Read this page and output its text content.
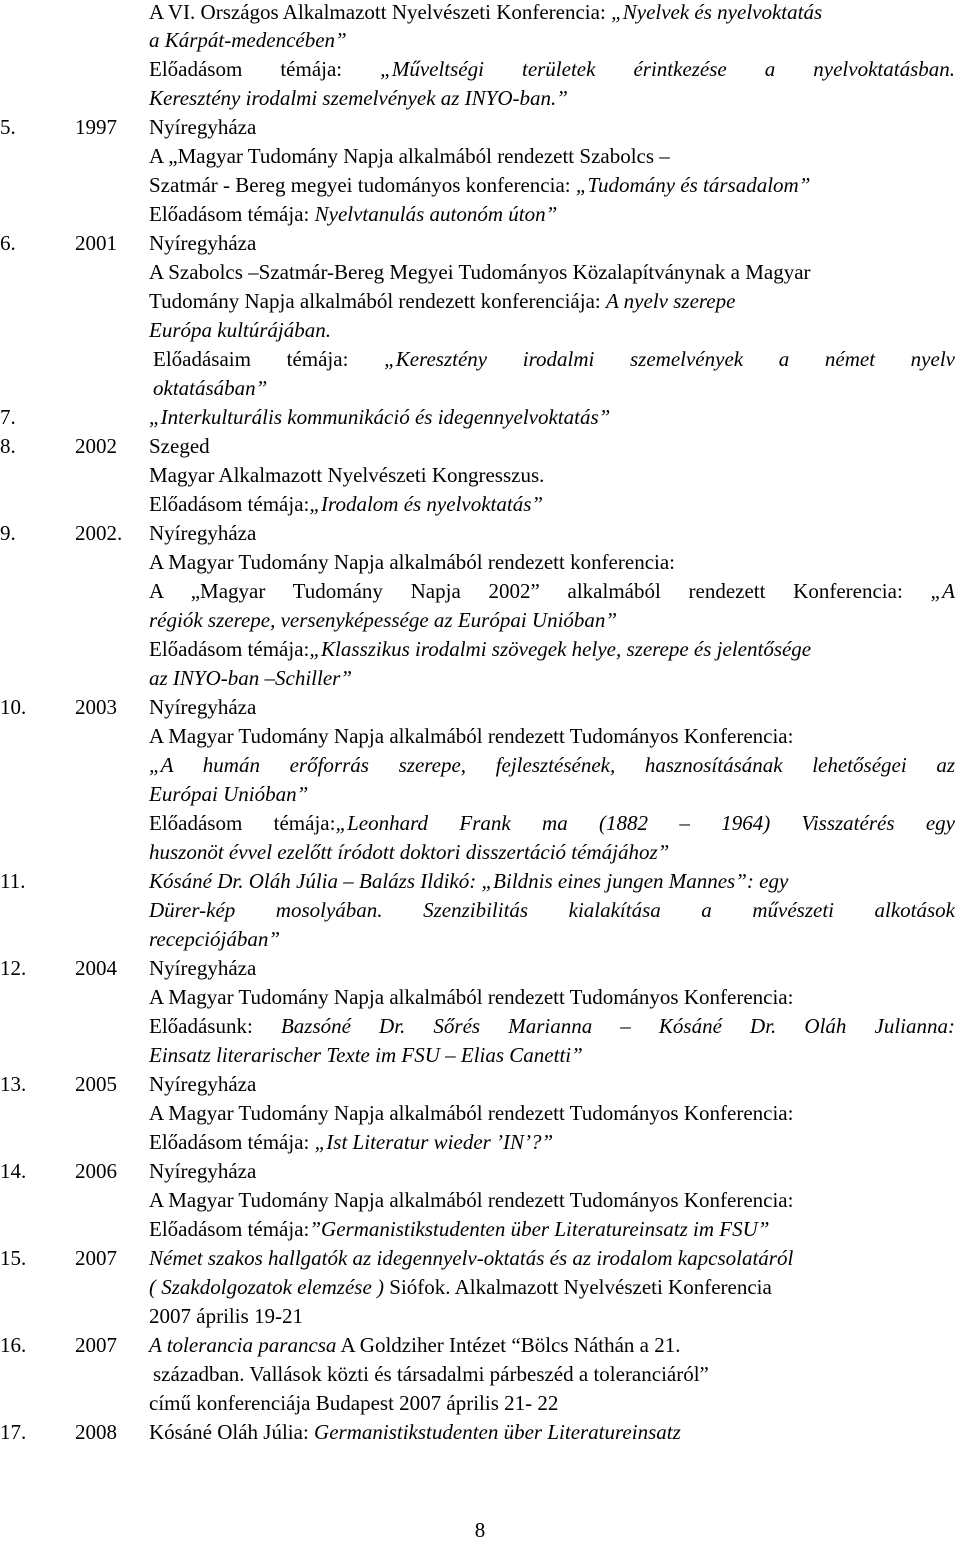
A VI. Országos Alkalmazott Nyelvészeti Konferencia: „Nyelvek és nyelvoktatás
a Kárpát-medencében”
Előadásom témája: „Műveltségi területek érintkezése a nyelvoktatásban.
Keresztény irodalmi szemelvények az INYO-ban.”
5.	1997 Nyíregyháza
A „Magyar Tudomány Napja alkalmából rendezett Szabolcs –
Szatmár - Bereg megyei tudományos konferencia: „Tudomány és társadalom”
Előadásom témája: Nyelvtanulás autonóm úton”
6.	2001 Nyíregyháza
A Szabolcs –Szatmár-Bereg Megyei Tudományos Közalapítványnak a Magyar
Tudomány Napja alkalmából rendezett konferenciája: A nyelv szerepe
Európa kultúrájában.
Előadásaim témája: „Keresztény irodalmi szemelvények a német nyelv
oktatásában”
7.	„Interkulturális kommunikáció és idegennyelvoktatás”
8.	2002 Szeged
Magyar Alkalmazott Nyelvészeti Kongresszus.
Előadásom témája:„Irodalom és nyelvoktatás”
9.	2002. Nyíregyháza
A Magyar Tudomány Napja alkalmából rendezett konferencia:
A „Magyar Tudomány Napja 2002” alkalmából rendezett Konferencia: „A
régiók szerepe, versenyképessége az Európai Unióban”
Előadásom témája:„Klasszikus irodalmi szövegek helye, szerepe és jelentősége
az INYO-ban –Schiller”
10. 2003 Nyíregyháza
A Magyar Tudomány Napja alkalmából rendezett Tudományos Konferencia:
„A humán erőforrás szerepe, fejlesztésének, hasznosításának lehetőségei az
Európai Unióban”
Előadásom témája:„Leonhard Frank ma (1882 – 1964) Visszatérés egy
huszonöt évvel ezelőtt íródott doktori disszertáció témájához”
11.	Kósáné Dr. Oláh Júlia – Balázs Ildikó: „Bildnis eines jungen Mannes”: egy
Dürer-kép mosolyában. Szenzibilitás kialakítása a művészeti alkotások
recepciójában”
12. 2004 Nyíregyháza
A Magyar Tudomány Napja alkalmából rendezett Tudományos Konferencia:
Előadásunk: Bazsóné Dr. Sőrés Marianna – Kósáné Dr. Oláh Julianna:
Einsatz literarischer Texte im FSU – Elias Canetti”
13. 2005 Nyíregyháza
A Magyar Tudomány Napja alkalmából rendezett Tudományos Konferencia:
Előadásom témája: „Ist Literatur wieder ’IN’?”
14. 2006 Nyíregyháza
A Magyar Tudomány Napja alkalmából rendezett Tudományos Konferencia:
Előadásom témája:”Germanistikstudenten über Literatureinsatz im FSU”
15. 2007 Német szakos hallgatók az idegennyelv-oktatás és az irodalom kapcsolatáról
( Szakdolgozatok elemzése ) Siófok. Alkalmazott Nyelvészeti Konferencia
2007 április 19-21
16. 2007 A tolerancia parancsa A Goldziher Intézet “Bölcs Náthán a 21.
században. Vallások közti és társadalmi párbeszéd a toleranciáról”
című konferenciája Budapest 2007 április 21- 22
17. 2008 Kósáné Oláh Júlia: Germanistikstudenten über Literatureinsatz
8
